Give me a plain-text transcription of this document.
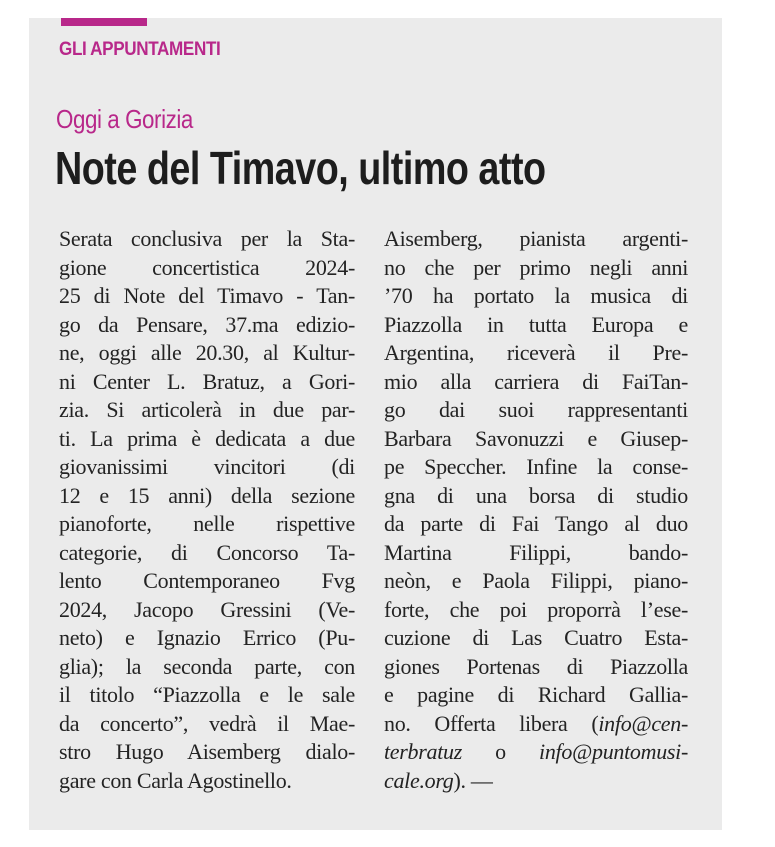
GLI APPUNTAMENTI

Oggi a Gorizia

Note del Timavo, ultimo atto
Serata conclusiva per la Sta-
gione concertistica 2024-
25 di Note del Timavo - Tan-
go da Pensare, 37.ma edizio-
ne, oggi alle 20.30, al Kultur-
ni Center L. Bratuz, a Gori-
zia. Si articolerà in due par-
ti. La prima è dedicata a due
giovanissimi vincitori (di
12 e 15 anni) della sezione
pianoforte, nelle rispettive
categorie, di Concorso Ta-
lento Contemporaneo Fvg
2024, Jacopo Gressini (Ve-
neto) e Ignazio Errico (Pu-
glia); la seconda parte, con
il titolo “Piazzolla e le sale
da concerto”, vedrà il Mae-
stro Hugo Aisemberg dialo-
gare con Carla Agostinello.
Aisemberg, pianista argenti-
no che per primo negli anni
’70 ha portato la musica di
Piazzolla in tutta Europa e
Argentina, riceverà il Pre-
mio alla carriera di FaiTan-
go dai suoi rappresentanti
Barbara Savonuzzi e Giusep-
pe Speccher. Infine la conse-
gna di una borsa di studio
da parte di Fai Tango al duo
Martina Filippi, bando-
neòn, e Paola Filippi, piano-
forte, che poi proporrà l’ese-
cuzione di Las Cuatro Esta-
giones Portenas di Piazzolla
e pagine di Richard Gallia-
no. Offerta libera (info@cen-
terbratuz o info@puntomusi-
cale.org). —
